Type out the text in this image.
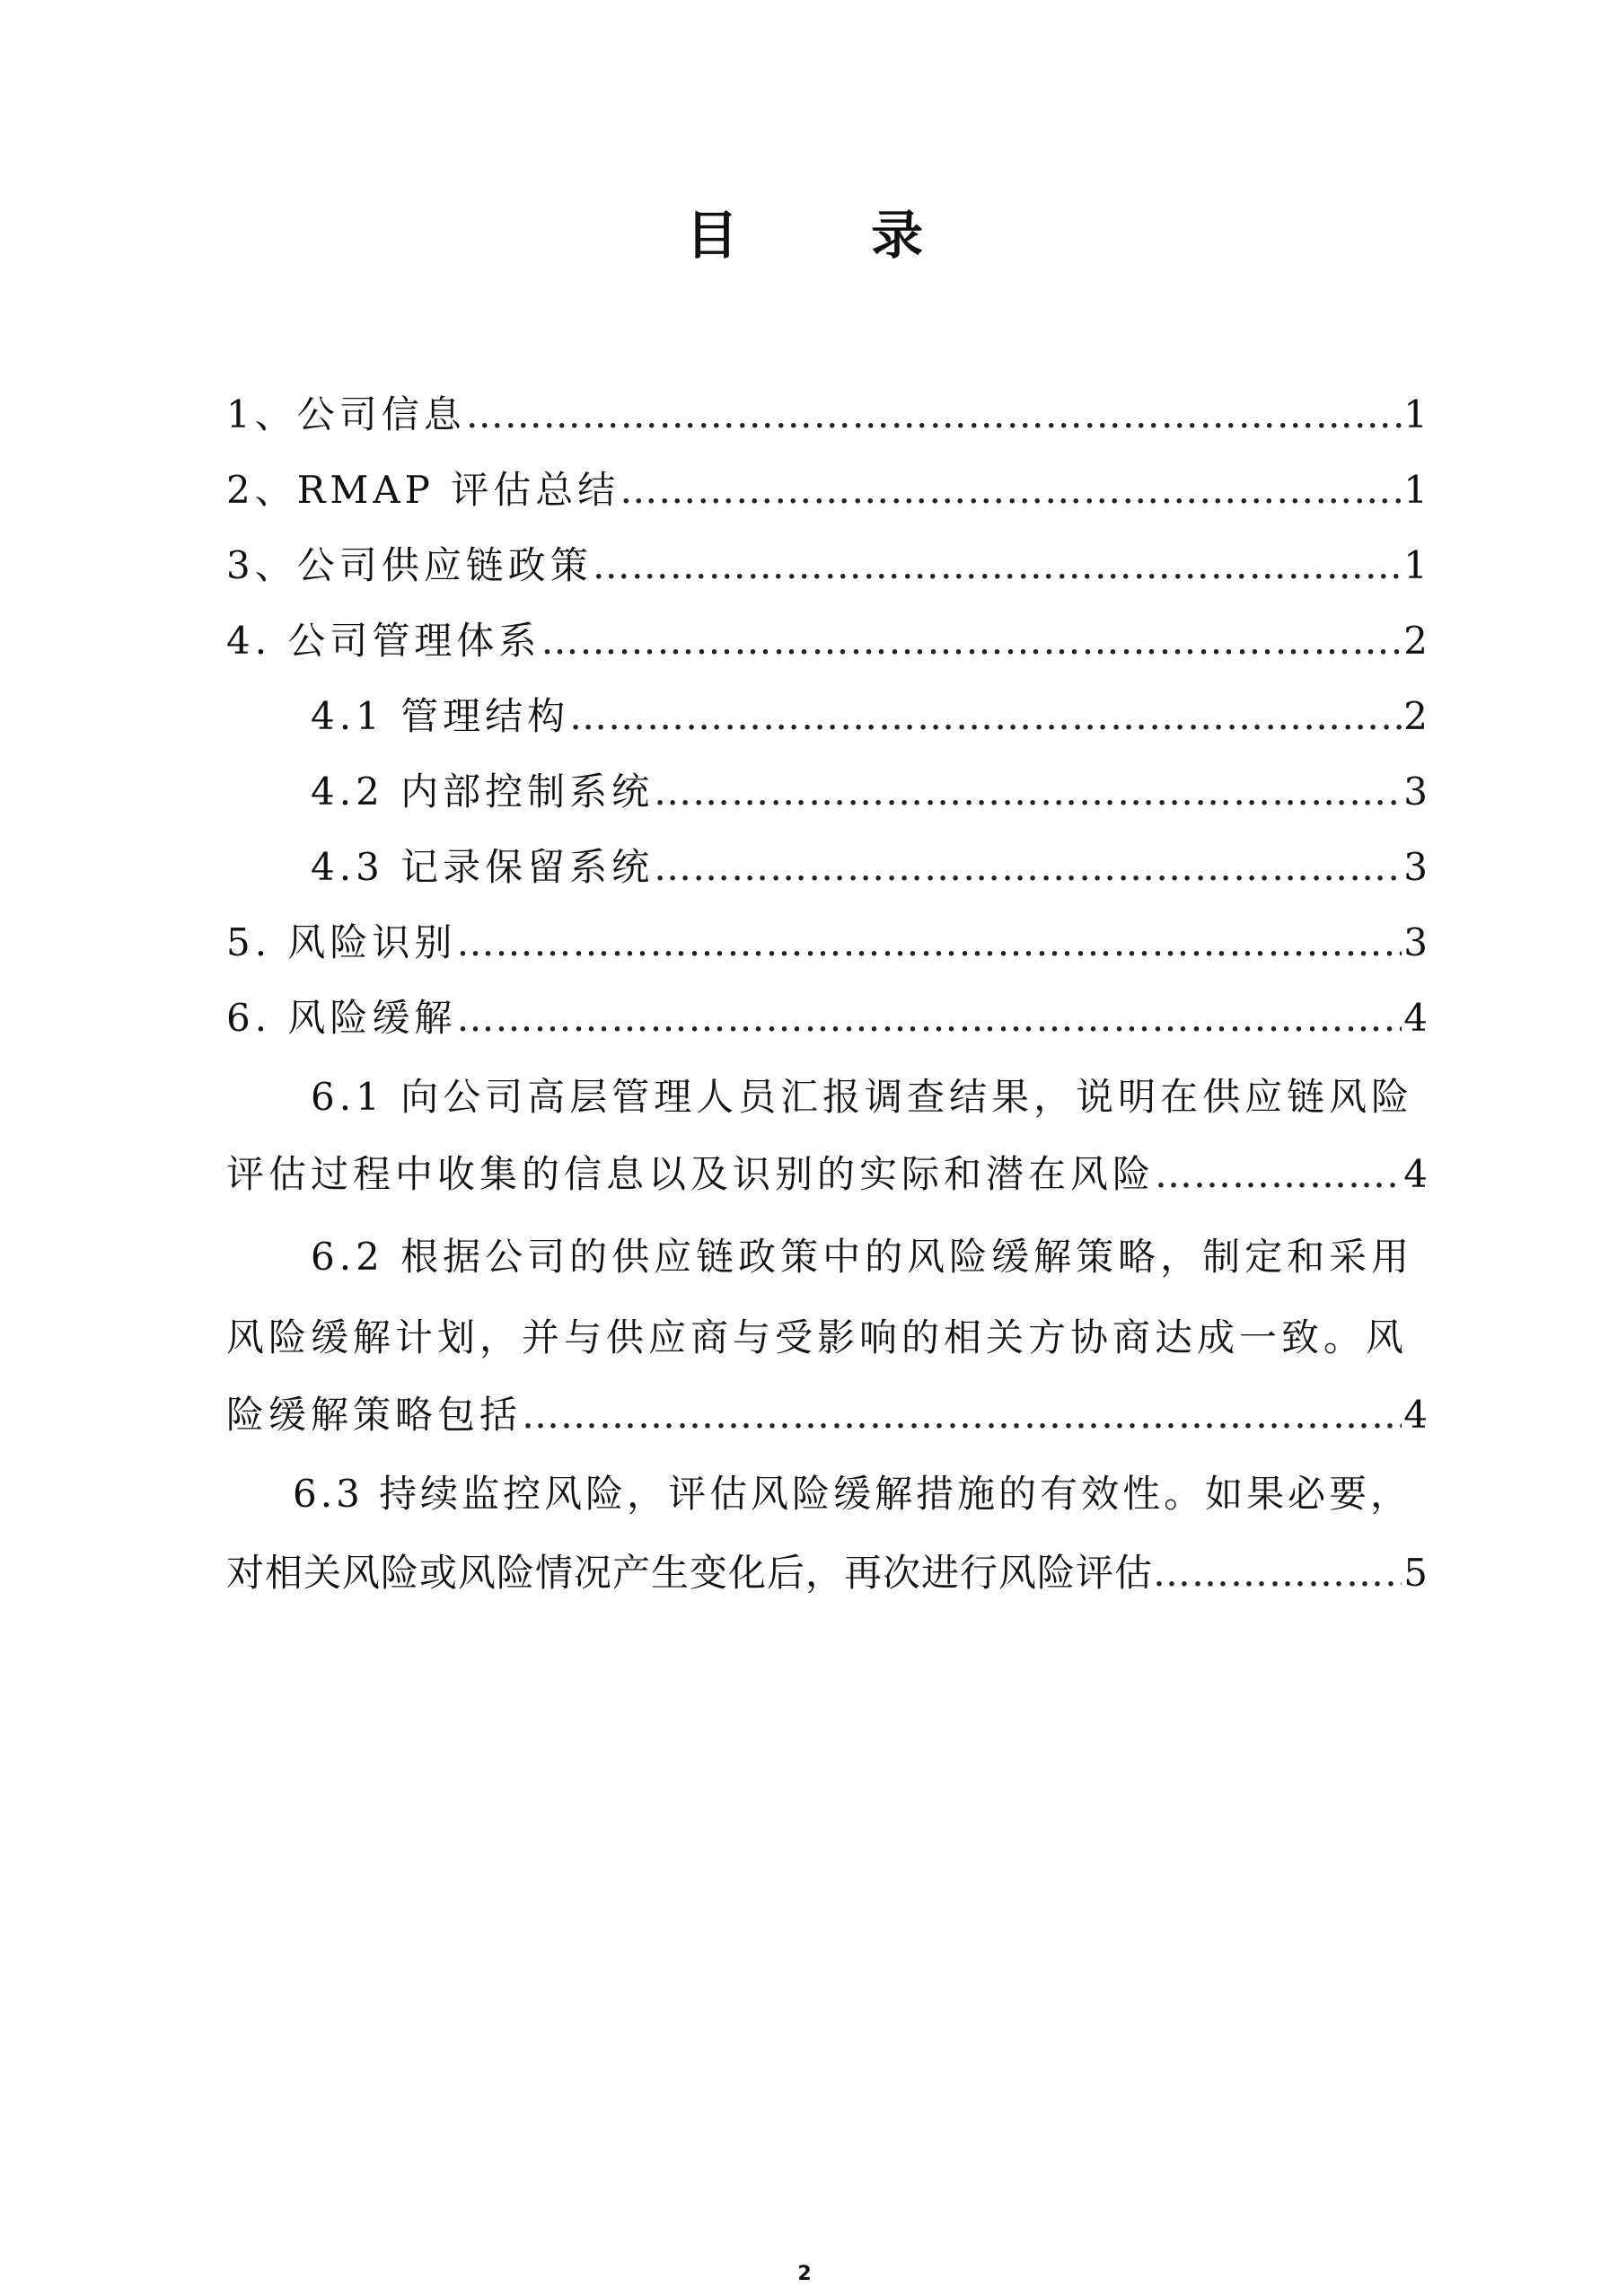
目 录
1、公司信息 ………………………………………………………………………………………………………………………………………………………………	1
2、RMAP 评估总结 ………………………………………………………………………………………………………………………………………………………………	1
3、公司供应链政策 ………………………………………………………………………………………………………………………………………………………………	1
4. 公司管理体系 ………………………………………………………………………………………………………………………………………………………………	2
4.1 管理结构 ………………………………………………………………………………………………………………………………………………………………	2
4.2 内部控制系统 ………………………………………………………………………………………………………………………………………………………………	3
4.3 记录保留系统 ………………………………………………………………………………………………………………………………………………………………	3
5. 风险识别 ………………………………………………………………………………………………………………………………………………………………	3
6. 风险缓解 ………………………………………………………………………………………………………………………………………………………………	4
6.1 向公司高层管理人员汇报调查结果，说明在供应链风险
评估过程中收集的信息以及识别的实际和潜在风险 ………………………………………………………………………………………………………………………………………………………………	4
6.2 根据公司的供应链政策中的风险缓解策略，制定和采用
风险缓解计划，并与供应商与受影响的相关方协商达成一致。风
险缓解策略包括 ………………………………………………………………………………………………………………………………………………………………	4
6.3 持续监控风险，评估风险缓解措施的有效性。如果必要，
对相关风险或风险情况产生变化后，再次进行风险评估 ………………………………………………………………………………………………………………………………………………………………	5
2
